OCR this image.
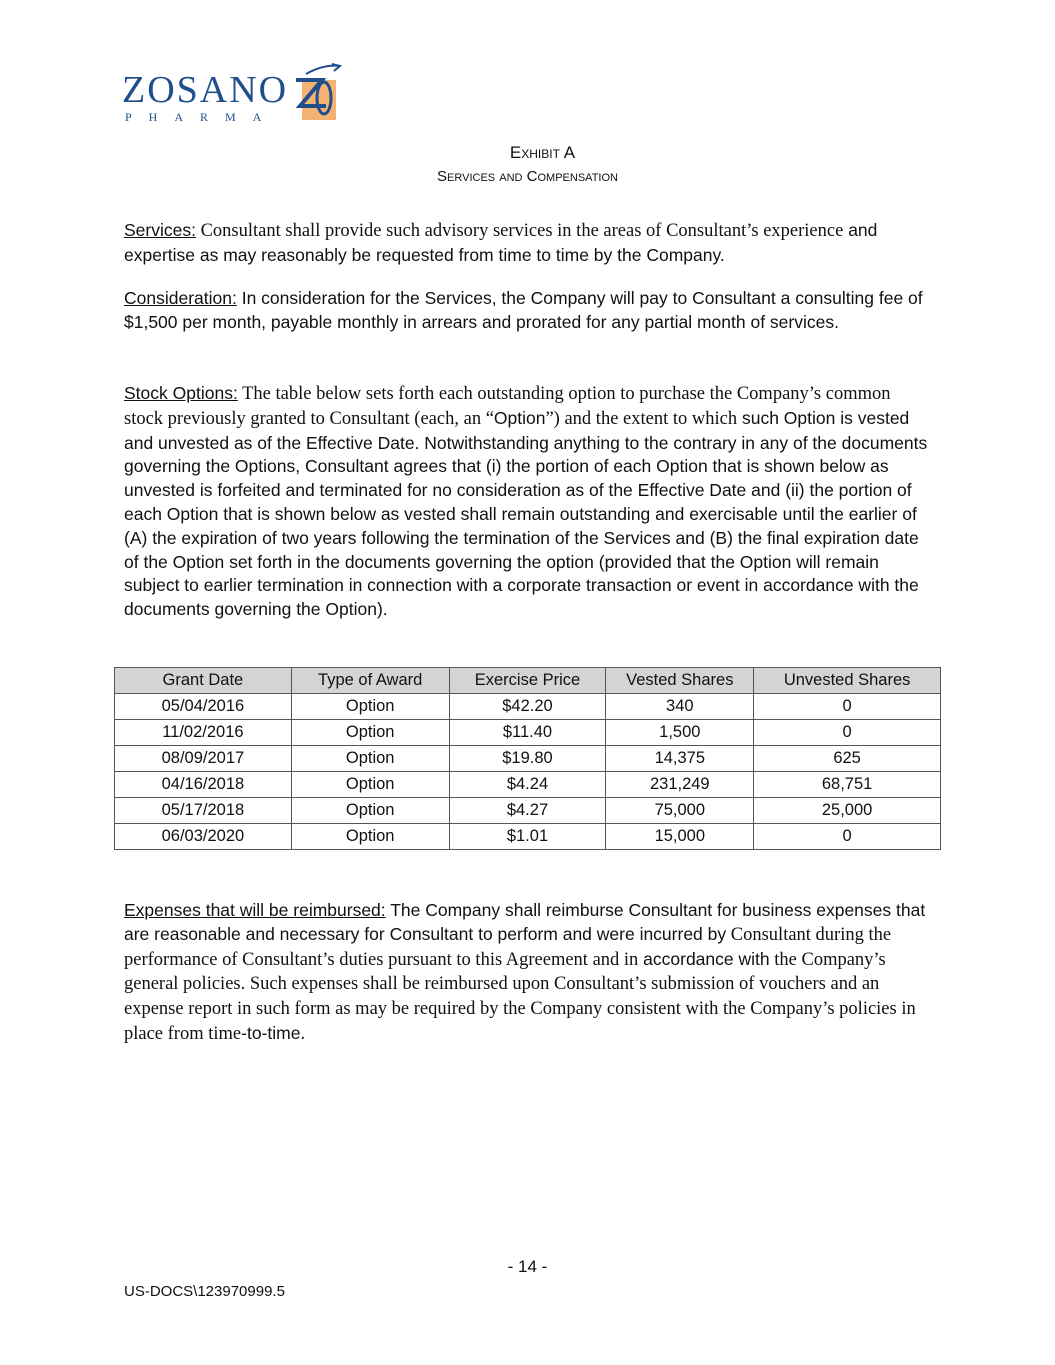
ZOSANO
PHARMA
Exhibit A
Services and Compensation
Services: Consultant shall provide such advisory services in the areas of Consultant’s experience and expertise as may reasonably be requested from time to time by the Company.
Consideration: In consideration for the Services, the Company will pay to Consultant a consulting fee of $1,500 per month, payable monthly in arrears and prorated for any partial month of services.
Stock Options: The table below sets forth each outstanding option to purchase the Company’s common stock previously granted to Consultant (each, an “Option”) and the extent to which such Option is vested and unvested as of the Effective Date. Notwithstanding anything to the contrary in any of the documents governing the Options, Consultant agrees that (i) the portion of each Option that is shown below as unvested is forfeited and terminated for no consideration as of the Effective Date and (ii) the portion of each Option that is shown below as vested shall remain outstanding and exercisable until the earlier of (A) the expiration of two years following the termination of the Services and (B) the final expiration date of the Option set forth in the documents governing the option (provided that the Option will remain subject to earlier termination in connection with a corporate transaction or event in accordance with the documents governing the Option).
Grant Date	Type of Award	Exercise Price	Vested Shares	Unvested Shares
05/04/2016	Option	$42.20	340	0
11/02/2016	Option	$11.40	1,500	0
08/09/2017	Option	$19.80	14,375	625
04/16/2018	Option	$4.24	231,249	68,751
05/17/2018	Option	$4.27	75,000	25,000
06/03/2020	Option	$1.01	15,000	0
Expenses that will be reimbursed: The Company shall reimburse Consultant for business expenses that are reasonable and necessary for Consultant to perform and were incurred by Consultant during the performance of Consultant’s duties pursuant to this Agreement and in accordance with the Company’s general policies. Such expenses shall be reimbursed upon Consultant’s submission of vouchers and an expense report in such form as may be required by the Company consistent with the Company’s policies in place from time-to-time.
- 14 -
US-DOCS\123970999.5
